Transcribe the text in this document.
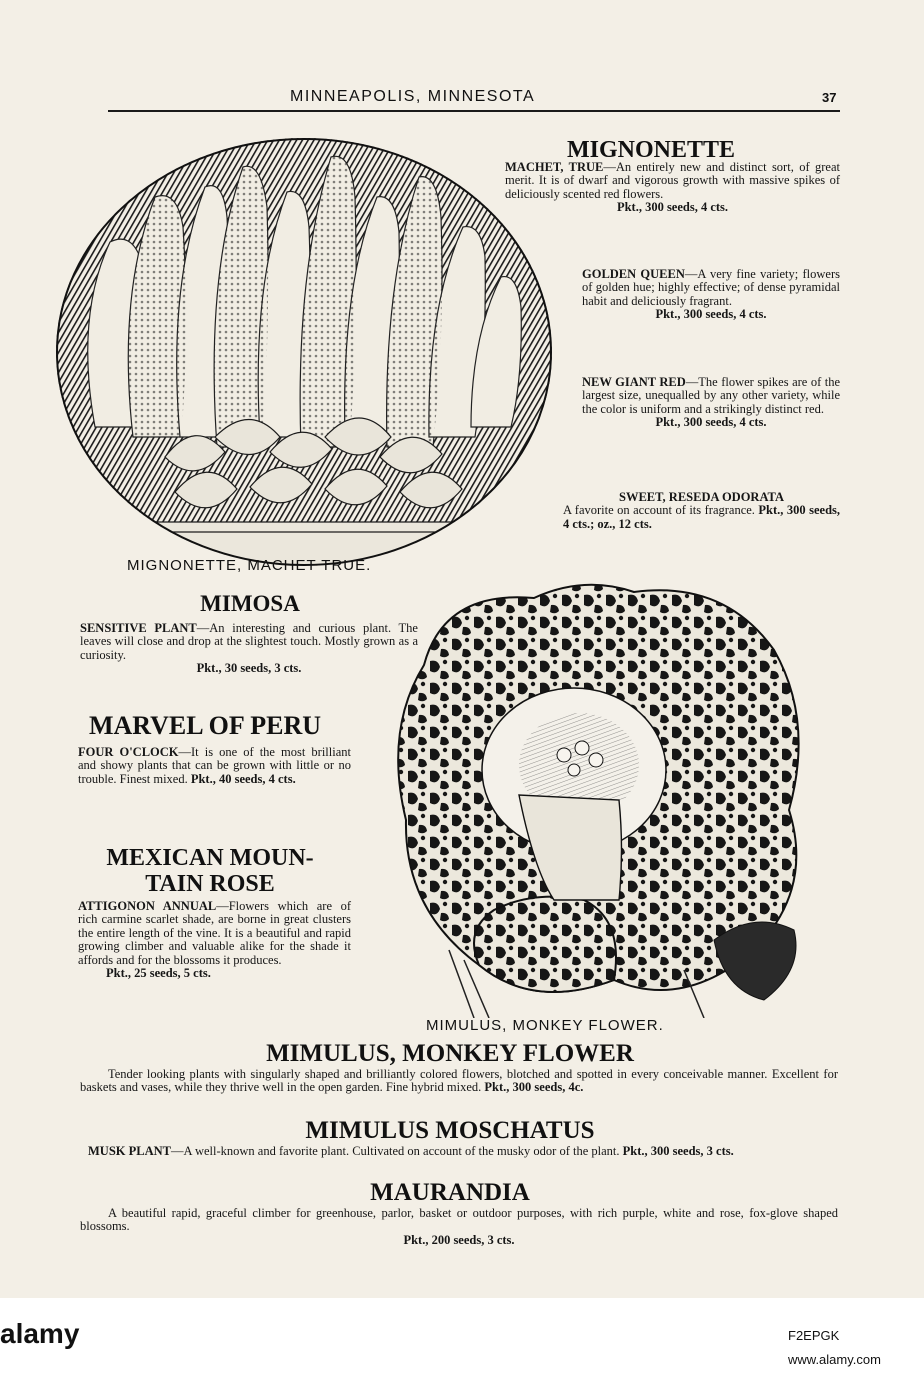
MINNEAPOLIS, MINNESOTA	37
MIGNONETTE
MACHET, TRUE—An entirely new and distinct sort, of great merit. It is of dwarf and vigorous growth with massive spikes of deliciously scented red flowers.
Pkt., 300 seeds, 4 cts.
GOLDEN QUEEN—A very fine variety; flowers of golden hue; highly effective; of dense pyramidal habit and deliciously fragrant.
Pkt., 300 seeds, 4 cts.
NEW GIANT RED—The flower spikes are of the largest size, unequalled by any other variety, while the color is uniform and a strikingly distinct red.
Pkt., 300 seeds, 4 cts.
SWEET, RESEDA ODORATA
A favorite on account of its fragrance. Pkt., 300 seeds, 4 cts.; oz., 12 cts.
MIGNONETTE, MACHET TRUE.
MIMOSA
SENSITIVE PLANT—An interesting and curious plant. The leaves will close and drop at the slightest touch. Mostly grown as a curiosity.
Pkt., 30 seeds, 3 cts.
MARVEL OF PERU
FOUR O'CLOCK—It is one of the most brilliant and showy plants that can be grown with little or no trouble. Finest mixed. Pkt., 40 seeds, 4 cts.
MEXICAN MOUN-
TAIN ROSE
ATTIGONON ANNUAL—Flowers which are of rich carmine scarlet shade, are borne in great clusters the entire length of the vine. It is a beautiful and rapid growing climber and valuable alike for the shade it affords and for the blossoms it produces.
Pkt., 25 seeds, 5 cts.
MIMULUS, MONKEY FLOWER.
MIMULUS, MONKEY FLOWER
Tender looking plants with singularly shaped and brilliantly colored flowers, blotched and spotted in every conceivable manner. Excellent for baskets and vases, while they thrive well in the open garden. Fine hybrid mixed. Pkt., 300 seeds, 4c.
MIMULUS MOSCHATUS
MUSK PLANT—A well-known and favorite plant. Cultivated on account of the musky odor of the plant. Pkt., 300 seeds, 3 cts.
MAURANDIA
A beautiful rapid, graceful climber for greenhouse, parlor, basket or outdoor purposes, with rich purple, white and rose, fox-glove shaped blossoms.
Pkt., 200 seeds, 3 cts.
alamy	F2EPGK
www.alamy.com
